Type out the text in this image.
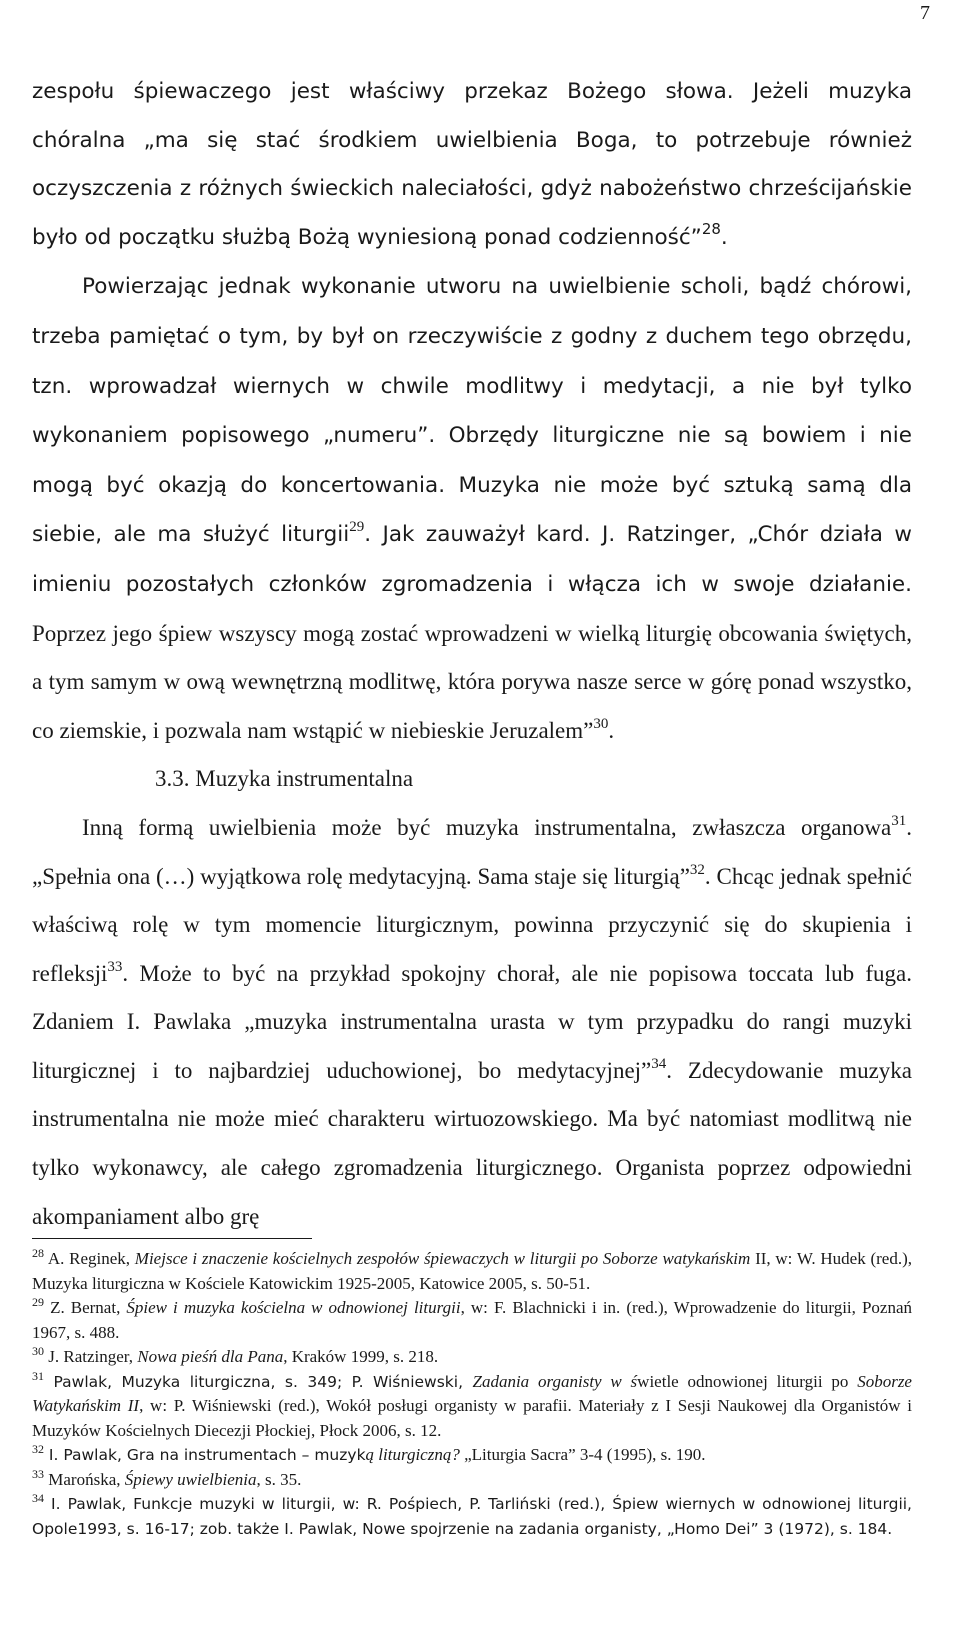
7

zespołu śpiewaczego jest właściwy przekaz Bożego słowa. Jeżeli muzyka chóralna „ma się stać środkiem uwielbienia Boga, to potrzebuje również oczyszczenia z różnych świeckich naleciałości, gdyż nabożeństwo chrześcijańskie było od początku służbą Bożą wyniesioną ponad codzienność”$^{28}$.

Powierzając jednak wykonanie utworu na uwielbienie scholi, bądź chórowi, trzeba pamiętać o tym, by był on rzeczywiście z godny z duchem tego obrzędu, tzn. wprowadzał wiernych w chwile modlitwy i medytacji, a nie był tylko wykonaniem popisowego „numeru”. Obrzędy liturgiczne nie są bowiem i nie mogą być okazją do koncertowania. Muzyka nie może być sztuką samą dla siebie, ale ma służyć liturgii$^{29}$. Jak zauważył kard. J. Ratzinger, „Chór działa w imieniu pozostałych członków zgromadzenia i włącza ich w swoje działanie. Poprzez jego śpiew wszyscy mogą zostać wprowadzeni w wielką liturgię obcowania świętych, a tym samym w ową wewnętrzną modlitwę, która porywa nasze serce w górę ponad wszystko, co ziemskie, i pozwala nam wstąpić w niebieskie Jeruzalem”$^{30}$.

3.3. Muzyka instrumentalna

Inną formą uwielbienia może być muzyka instrumentalna, zwłaszcza organowa$^{31}$. „Spełnia ona (…) wyjątkowa rolę medytacyjną. Sama staje się liturgią”$^{32}$. Chcąc jednak spełnić właściwą rolę w tym momencie liturgicznym, powinna przyczynić się do skupienia i refleksji$^{33}$. Może to być na przykład spokojny chorał, ale nie popisowa toccata lub fuga. Zdaniem I. Pawlaka „muzyka instrumentalna urasta w tym przypadku do rangi muzyki liturgicznej i to najbardziej uduchowionej, bo medytacyjnej”$^{34}$. Zdecydowanie muzyka instrumentalna nie może mieć charakteru wirtuozowskiego. Ma być natomiast modlitwą nie tylko wykonawcy, ale całego zgromadzenia liturgicznego. Organista poprzez odpowiedni akompaniament albo grę

$^{28}$ A. Reginek, Miejsce i znaczenie kościelnych zespołów śpiewaczych w liturgii po Soborze watykańskim II, w: W. Hudek (red.), Muzyka liturgiczna w Kościele Katowickim 1925-2005, Katowice 2005, s. 50-51.

$^{29}$ Z. Bernat, Śpiew i muzyka kościelna w odnowionej liturgii, w: F. Blachnicki i in. (red.), Wprowadzenie do liturgii, Poznań 1967, s. 488.

$^{30}$ J. Ratzinger, Nowa pieśń dla Pana, Kraków 1999, s. 218.

$^{31}$ Pawlak, Muzyka liturgiczna, s. 349; P. Wiśniewski, Zadania organisty w świetle odnowionej liturgii po Soborze Watykańskim II, w: P. Wiśniewski (red.), Wokół posługi organisty w parafii. Materiały z I Sesji Naukowej dla Organistów i Muzyków Kościelnych Diecezji Płockiej, Płock 2006, s. 12.

$^{32}$ I. Pawlak, Gra na instrumentach – muzyką liturgiczną? „Liturgia Sacra” 3-4 (1995), s. 190.

$^{33}$ Marońska, Śpiewy uwielbienia, s. 35.

$^{34}$ I. Pawlak, Funkcje muzyki w liturgii, w: R. Pośpiech, P. Tarliński (red.), Śpiew wiernych w odnowionej liturgii, Opole1993, s. 16-17; zob. także I. Pawlak, Nowe spojrzenie na zadania organisty, „Homo Dei” 3 (1972), s. 184.
